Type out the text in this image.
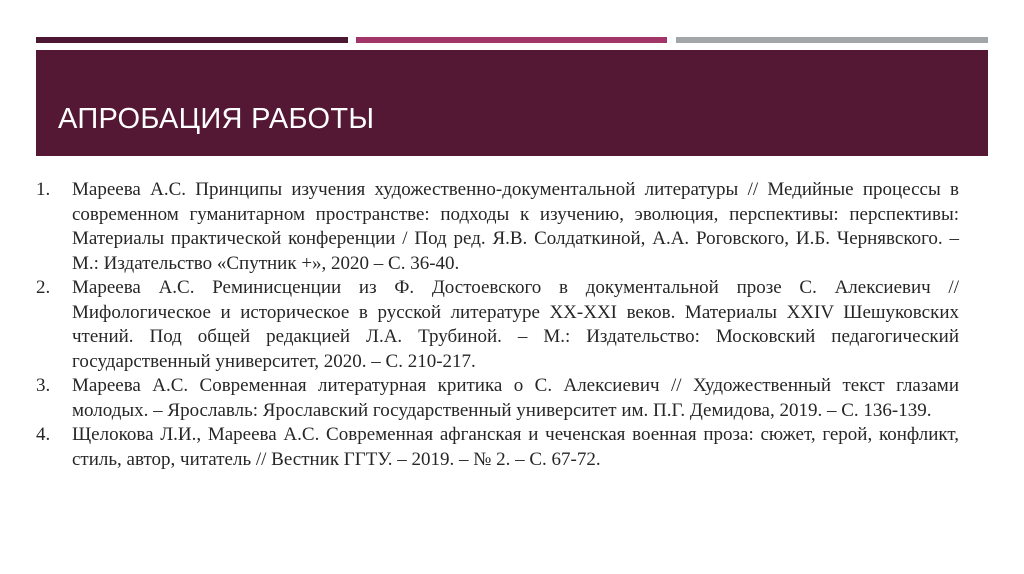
АПРОБАЦИЯ РАБОТЫ
1.	Мареева А.С. Принципы изучения художественно-документальной литературы // Медийные процессы в современном гуманитарном пространстве: подходы к изучению, эволюция, перспективы: перспективы: Материалы практической конференции / Под ред. Я.В. Солдаткиной, А.А. Роговского, И.Б. Чернявского. – М.: Издательство «Спутник +», 2020 – С. 36-40.
2.	Мареева А.С. Реминисценции из Ф. Достоевского в документальной прозе С. Алексиевич // Мифологическое и историческое в русской литературе XX-XXI веков. Материалы XXIV Шешуковских чтений. Под общей редакцией Л.А. Трубиной. – М.: Издательство: Московский педагогический государственный университет, 2020. – С. 210-217.
3.	Мареева А.С. Современная литературная критика о С. Алексиевич // Художественный текст глазами молодых. – Ярославль: Ярославский государственный университет им. П.Г. Демидова, 2019. – С. 136-139.
4.	Щелокова Л.И., Мареева А.С. Современная афганская и чеченская военная проза: сюжет, герой, конфликт, стиль, автор, читатель // Вестник ГГТУ. – 2019. – № 2. – С. 67-72.
